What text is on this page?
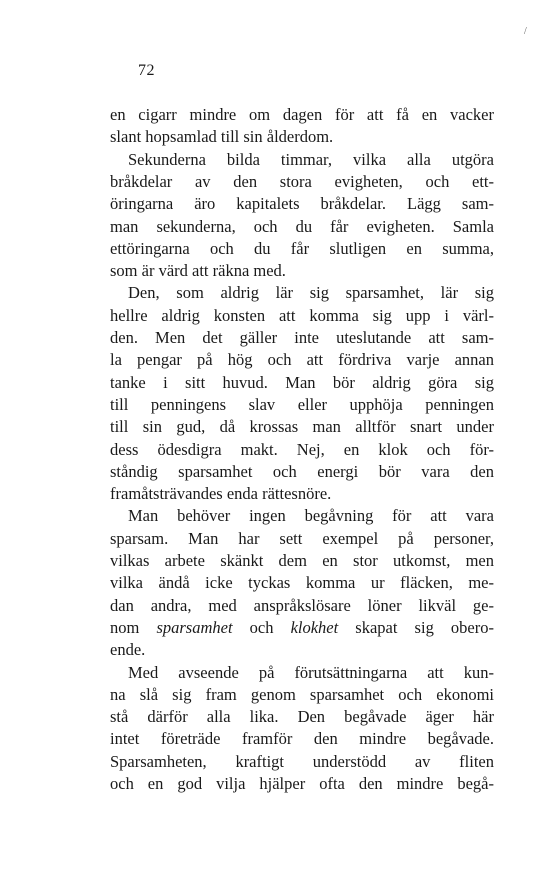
/
72
en cigarr mindre om dagen för att få en vacker
slant hopsamlad till sin ålderdom.
Sekunderna bilda timmar, vilka alla utgöra
bråkdelar av den stora evigheten, och ett-
öringarna äro kapitalets bråkdelar. Lägg sam-
man sekunderna, och du får evigheten. Samla
ettöringarna och du får slutligen en summa,
som är värd att räkna med.
Den, som aldrig lär sig sparsamhet, lär sig
hellre aldrig konsten att komma sig upp i värl-
den. Men det gäller inte uteslutande att sam-
la pengar på hög och att fördriva varje annan
tanke i sitt huvud. Man bör aldrig göra sig
till penningens slav eller upphöja penningen
till sin gud, då krossas man alltför snart under
dess ödesdigra makt. Nej, en klok och för-
ståndig sparsamhet och energi bör vara den
framåtsträvandes enda rättesnöre.
Man behöver ingen begåvning för att vara
sparsam. Man har sett exempel på personer,
vilkas arbete skänkt dem en stor utkomst, men
vilka ändå icke tyckas komma ur fläcken, me-
dan andra, med anspråkslösare löner likväl ge-
nom sparsamhet och klokhet skapat sig obero-
ende.
Med avseende på förutsättningarna att kun-
na slå sig fram genom sparsamhet och ekonomi
stå därför alla lika. Den begåvade äger här
intet företräde framför den mindre begåvade.
Sparsamheten, kraftigt understödd av fliten
och en god vilja hjälper ofta den mindre begå-
